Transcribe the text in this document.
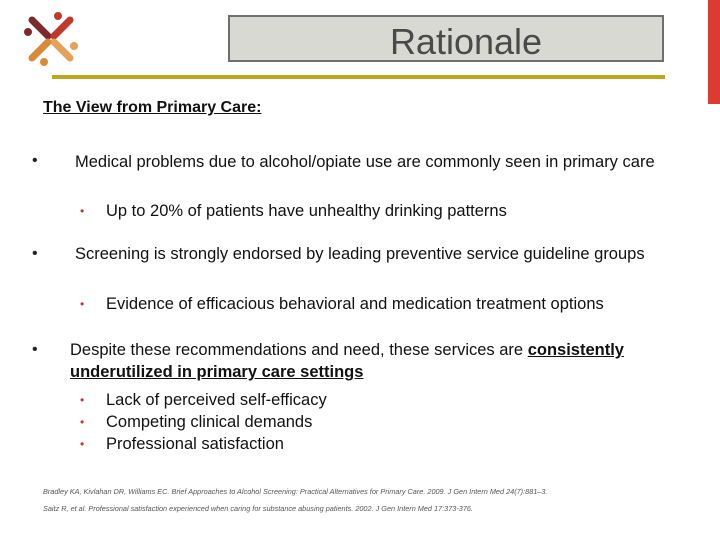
Rationale
The View from Primary Care:
•	Medical problems due to alcohol/opiate use are commonly seen in primary care
• Up to 20% of patients have unhealthy drinking patterns
•	Screening is strongly endorsed by leading preventive service guideline groups
• Evidence of efficacious behavioral and medication treatment options
• Despite these recommendations and need, these services are consistently
underutilized in primary care settings
• Lack of perceived self-efficacy
• Competing clinical demands
• Professional satisfaction
Bradley KA, Kivlahan DR, Williams EC. Brief Approaches to Alcohol Screening: Practical Alternatives for Primary Care. 2009. J Gen Intern Med 24(7):881–3.
Saitz R, et al. Professional satisfaction experienced when caring for substance abusing patients. 2002. J Gen Intern Med 17:373-376.
